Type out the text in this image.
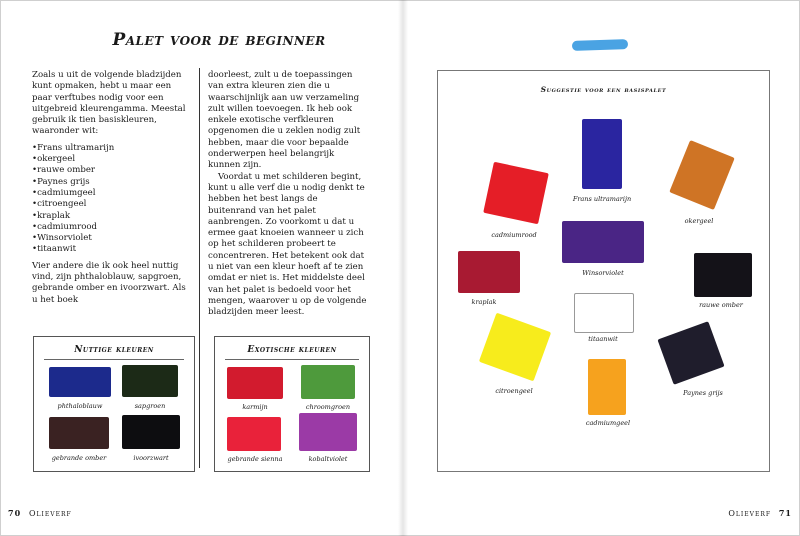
Palet voor de beginner

Zoals u uit de volgende bladzijden kunt opmaken, hebt u maar een paar verftubes nodig voor een uitgebreid kleurengamma. Meestal gebruik ik tien basiskleuren, waaronder wit:

• Frans ultramarijn
• okergeel
• rauwe omber
• Paynes grijs
• cadmiumgeel
• citroengeel
• kraplak
• cadmiumrood
• Winsorviolet
• titaanwit

Vier andere die ik ook heel nuttig vind, zijn phthaloblauw, sapgroen, gebrande omber en ivoorzwart. Als u het boek

doorleest, zult u de toepassingen van extra kleuren zien die u waarschijnlijk aan uw verzameling zult willen toevoegen. Ik heb ook enkele exotische verfkleuren opgenomen die u zeklen nodig zult hebben, maar die voor bepaalde onderwerpen heel belangrijk kunnen zijn.

Voordat u met schilderen begint, kunt u alle verf die u nodig denkt te hebben het best langs de buitenrand van het palet aanbrengen. Zo voorkomt u dat u ermee gaat knoeien wanneer u zich op het schilderen probeert te concentreren. Het betekent ook dat u niet van een kleur hoeft af te zien omdat er niet is. Het middelste deel van het palet is bedoeld voor het mengen, waarover u op de volgende bladzijden meer leest.

Nuttige kleuren
phthaloblauw	sapgroen
gebrande omber	ivoorzwart
Exotische kleuren
karmijn	chroomgroen
gebrande sienna	kobaltviolet
70 Olieverf
Suggestie voor een basispalet
Frans ultramarijn
okergeel
cadmiumrood
Winsorviolet
kraplak	rauwe omber
titaanwit
citroengeel
cadmiumgeel
Paynes grijs
Olieverf 71
